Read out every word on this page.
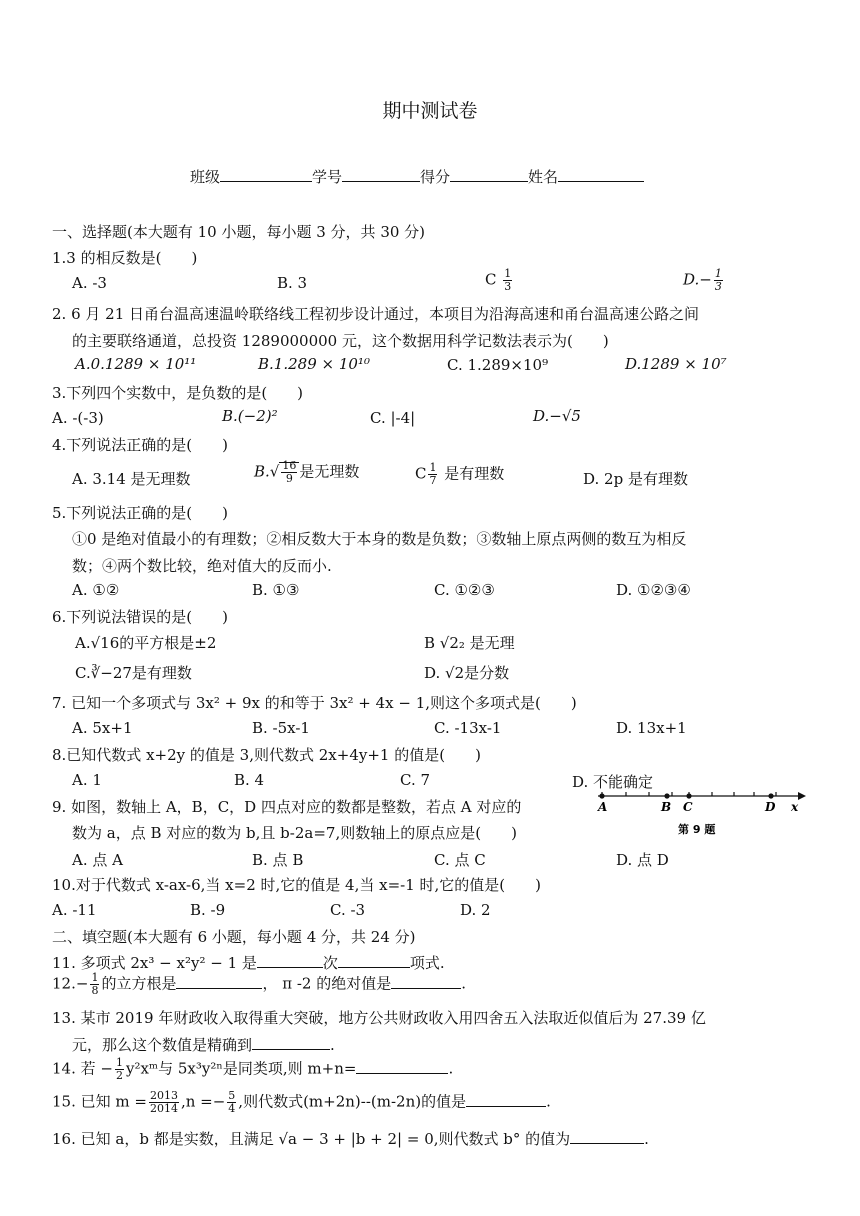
期中测试卷
班级	学号	得分	姓名
一、选择题(本大题有 10 小题，每小题 3 分，共 30 分)
1.3 的相反数是(　　)
A. -3	B. 3	C $\frac{1}{3}$	$D.- \frac{1}{3}$
2. 6 月 21 日甬台温高速温岭联络线工程初步设计通过，本项目为沿海高速和甬台温高速公路之间
的主要联络通道，总投资 1289000000 元，这个数据用科学记数法表示为(　　)
A.0.1289 × 10¹¹	B.1.289 × 10¹⁰	C. 1.289×10⁹	D.1289 × 10⁷
3.下列四个实数中，是负数的是(　　)
A. -(-3)	B.(−2)²	C. |-4|	D.−√5
4.下列说法正确的是(　　)
A. 3.14 是无理数	$B.√ \frac{16}{9}$ 是无理数	C $\frac{1}{7}$ 是有理数	D. 2p 是有理数
5.下列说法正确的是(　　)
①0 是绝对值最小的有理数；②相反数大于本身的数是负数；③数轴上原点两侧的数互为相反
数；④两个数比较，绝对值大的反而小.
A. ①②	B. ①③	C. ①②③	D. ①②③④
6.下列说法错误的是(　　)
A.√16的平方根是±2	B √2₂ 是无理
C.∛−27是有理数	D. √2是分数
7. 已知一个多项式与 3x² + 9x 的和等于 3x² + 4x − 1,则这个多项式是(　　)
A. 5x+1	B. -5x-1	C. -13x-1	D. 13x+1
8.已知代数式 x+2y 的值是 3,则代数式 2x+4y+1 的值是(　　)
A. 1	B. 4	C. 7	D. 不能确定
9. 如图，数轴上 A，B，C，D 四点对应的数都是整数，若点 A 对应的
数为 a，点 B 对应的数为 b,且 b-2a=7,则数轴上的原点应是(　　)
A	B C	D x
第 9 题
A. 点 A	B. 点 B	C. 点 C	D. 点 D
10.对于代数式 x-ax-6,当 x=2 时,它的值是 4,当 x=-1 时,它的值是(　　)
A. -11	B. -9	C. -3	D. 2
二、填空题(本大题有 6 小题，每小题 4 分，共 24 分)
11. 多项式 2x³ − x²y² − 1 是	次	项式.
$12.- \frac{1}{8}$ 的立方根是	， π -2 的绝对值是	.
13. 某市 2019 年财政收入取得重大突破，地方公共财政收入用四舍五入法取近似值后为 27.39 亿
元，那么这个数值是精确到	.
14. 若 − $\frac{1}{2}$ y²xᵐ与 5x³y²ⁿ是同类项,则 m+n=	.
15. 已知 $m = \frac{2013}{2014} ,n =- \frac{5}{4}$ ,则代数式(m+2n)--(m-2n)的值是	.
16. 已知 a，b 都是实数，且满足 √a − 3 + |b + 2| = 0,则代数式 b° 的值为	.
